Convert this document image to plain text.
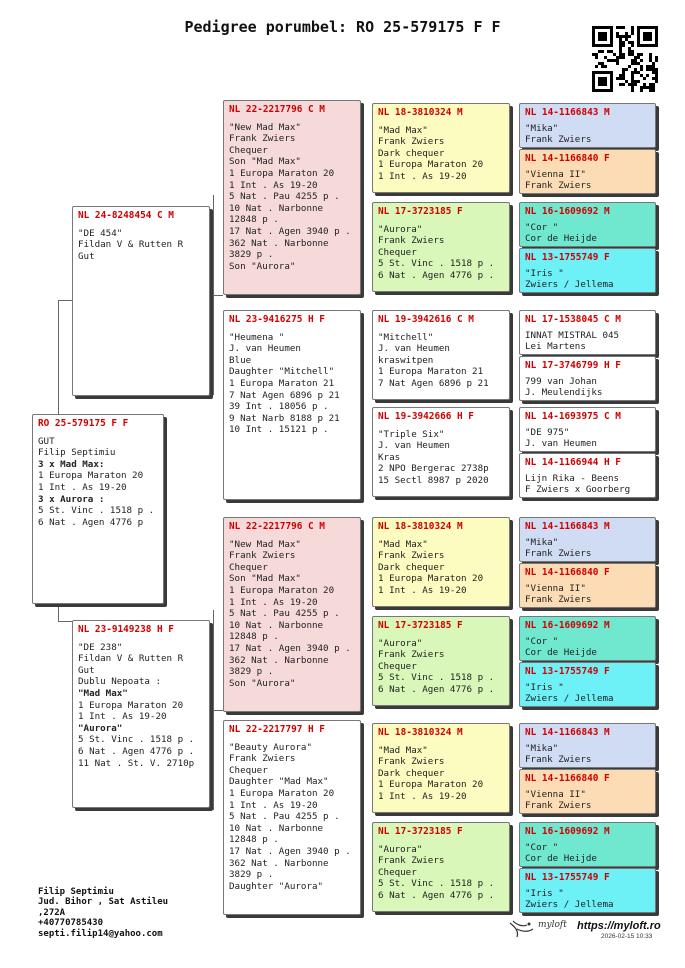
Pedigree porumbel: RO 25-579175 F F
RO 25-579175 F F
GUT
Filip Septimiu
3 x Mad Max:
1 Europa Maraton 20
1 Int . As 19-20
3 x Aurora :
5 St. Vinc . 1518 p .
6 Nat . Agen 4776 p
NL 24-8248454 C M
"DE 454"
Fildan V & Rutten R
Gut
NL 23-9149238 H F
"DE 238"
Fildan V & Rutten R
Gut
Dublu Nepoata :
"Mad Max"
1 Europa Maraton 20
1 Int . As 19-20
"Aurora"
5 St. Vinc . 1518 p .
6 Nat . Agen 4776 p .
11 Nat . St. V. 2710p
NL 22-2217796 C M
"New Mad Max"
Frank Zwiers
Chequer
Son "Mad Max"
1 Europa Maraton 20
1 Int . As 19-20
5 Nat . Pau 4255 p .
10 Nat . Narbonne
12848 p .
17 Nat . Agen 3940 p .
362 Nat . Narbonne
3829 p .
Son "Aurora"
NL 23-9416275 H F
"Heumena "
J. van Heumen
Blue
Daughter "Mitchell"
1 Europa Maraton 21
7 Nat Agen 6896 p 21
39 Int . 18056 p .
9 Nat Narb 8188 p 21
10 Int . 15121 p .
NL 22-2217796 C M
"New Mad Max"
Frank Zwiers
Chequer
Son "Mad Max"
1 Europa Maraton 20
1 Int . As 19-20
5 Nat . Pau 4255 p .
10 Nat . Narbonne
12848 p .
17 Nat . Agen 3940 p .
362 Nat . Narbonne
3829 p .
Son "Aurora"
NL 22-2217797 H F
"Beauty Aurora"
Frank Zwiers
Chequer
Daughter "Mad Max"
1 Europa Maraton 20
1 Int . As 19-20
5 Nat . Pau 4255 p .
10 Nat . Narbonne
12848 p .
17 Nat . Agen 3940 p .
362 Nat . Narbonne
3829 p .
Daughter "Aurora"
NL 18-3810324 M
"Mad Max"
Frank Zwiers
Dark chequer
1 Europa Maraton 20
1 Int . As 19-20
NL 17-3723185 F
"Aurora"
Frank Zwiers
Chequer
5 St. Vinc . 1518 p .
6 Nat . Agen 4776 p .
NL 19-3942616 C M
"Mitchell"
J. van Heumen
kraswitpen
1 Europa Maraton 21
7 Nat Agen 6896 p 21
NL 19-3942666 H F
"Triple Six"
J. van Heumen
Kras
2 NPO Bergerac 2738p
15 Sectl 8987 p 2020
NL 18-3810324 M
"Mad Max"
Frank Zwiers
Dark chequer
1 Europa Maraton 20
1 Int . As 19-20
NL 17-3723185 F
"Aurora"
Frank Zwiers
Chequer
5 St. Vinc . 1518 p .
6 Nat . Agen 4776 p .
NL 18-3810324 M
"Mad Max"
Frank Zwiers
Dark chequer
1 Europa Maraton 20
1 Int . As 19-20
NL 17-3723185 F
"Aurora"
Frank Zwiers
Chequer
5 St. Vinc . 1518 p .
6 Nat . Agen 4776 p .
NL 14-1166843 M
"Mika"
Frank Zwiers
NL 14-1166840 F
"Vienna II"
Frank Zwiers
NL 16-1609692 M
"Cor "
Cor de Heijde
NL 13-1755749 F
"Iris "
Zwiers / Jellema
NL 17-1538045 C M
INNAT MISTRAL 045
Lei Martens
NL 17-3746799 H F
799 van Johan
J. Meulendijks
NL 14-1693975 C M
"DE 975"
J. van Heumen
NL 14-1166944 H F
Lijn Rika - Beens
F Zwiers x Goorberg
NL 14-1166843 M
"Mika"
Frank Zwiers
NL 14-1166840 F
"Vienna II"
Frank Zwiers
NL 16-1609692 M
"Cor "
Cor de Heijde
NL 13-1755749 F
"Iris "
Zwiers / Jellema
NL 14-1166843 M
"Mika"
Frank Zwiers
NL 14-1166840 F
"Vienna II"
Frank Zwiers
NL 16-1609692 M
"Cor "
Cor de Heijde
NL 13-1755749 F
"Iris "
Zwiers / Jellema
Filip Septimiu
Jud. Bihor , Sat Astileu
,272A
+40770785430
septi.filip14@yahoo.com
myloft https://myloft.ro
2026-02-15 10:33
